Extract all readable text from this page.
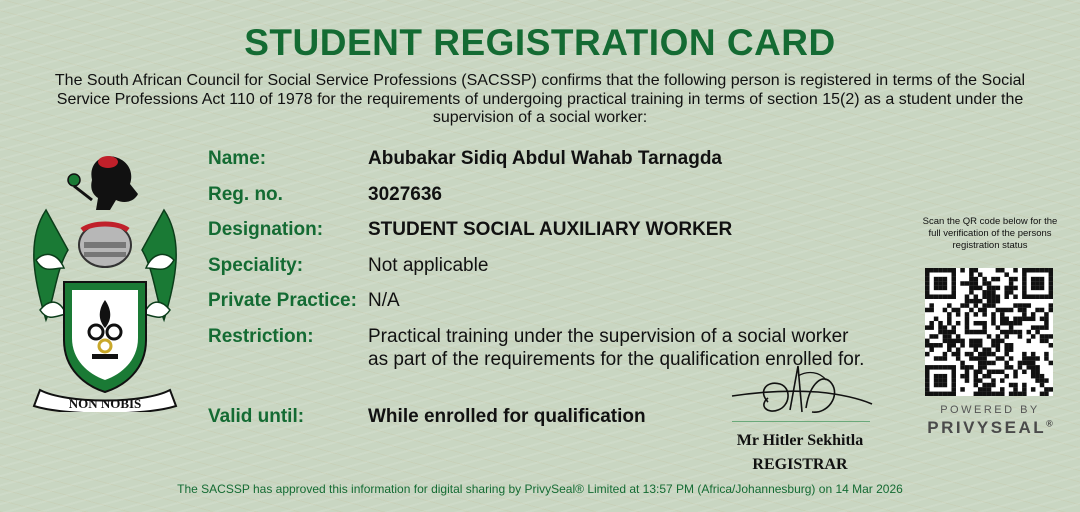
STUDENT REGISTRATION CARD
The South African Council for Social Service Professions (SACSSP) confirms that the following person is registered in terms of the Social Service Professions Act 110 of 1978 for the requirements of undergoing practical training in terms of section 15(2) as a student under the supervision of a social worker:
NON NOBIS
Name:	Abubakar Sidiq Abdul Wahab Tarnagda
Reg. no.	3027636
Designation: STUDENT SOCIAL AUXILIARY WORKER
Speciality:	Not applicable
Private Practice: N/A
Restriction:	Practical training under the supervision of a social worker
as part of the requirements for the qualification enrolled for.
Valid until:	While enrolled for qualification
Mr Hitler Sekhitla
REGISTRAR
Scan the QR code below for the full verification of the persons registration status
POWERED BY
PRIVYSEAL®
The SACSSP has approved this information for digital sharing by PrivySeal® Limited at 13:57 PM (Africa/Johannesburg) on 14 Mar 2026
